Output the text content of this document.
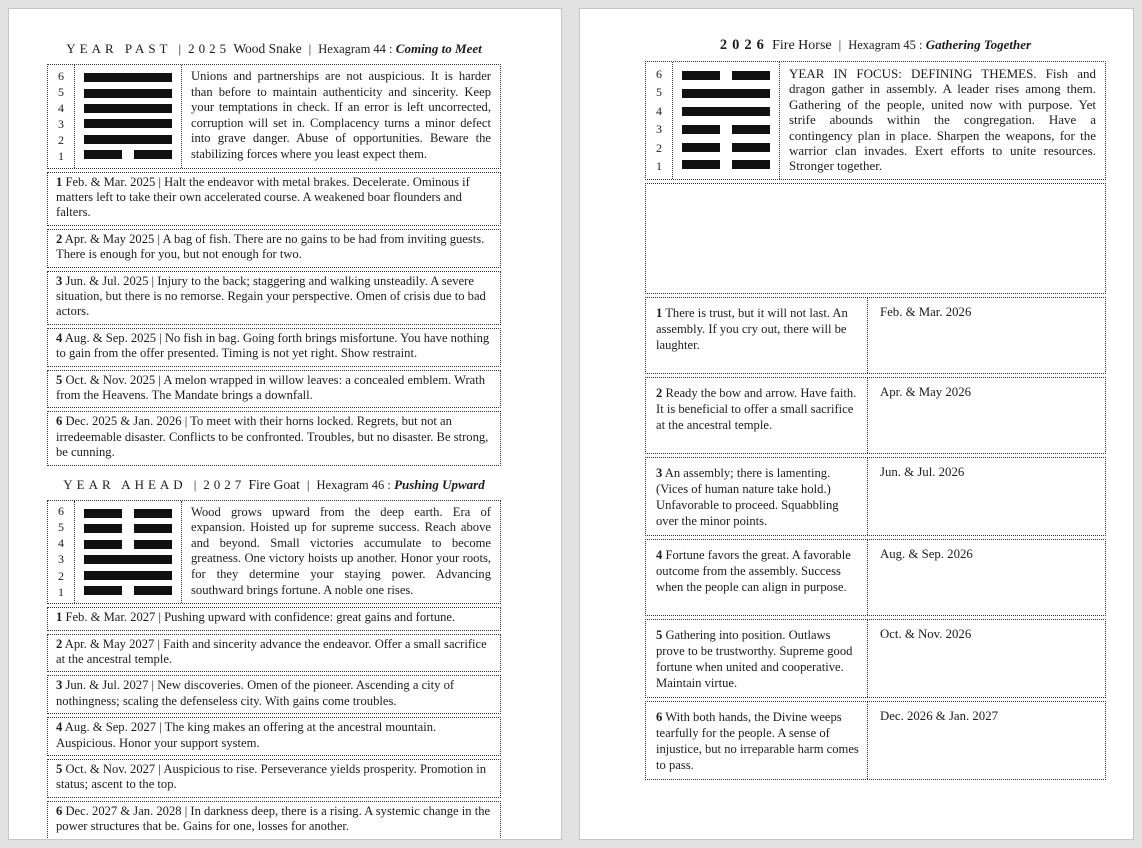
YEAR PAST | 2025 Wood Snake | Hexagram 44 : Coming to Meet
6
5
4
3
2
1
Unions and partnerships are not auspicious. It is harder than before to maintain authenticity and sincerity. Keep your temptations in check. If an error is left uncorrected, corruption will set in. Complacency turns a minor defect into grave danger. Abuse of opportunities. Beware the stabilizing forces where you least expect them.
1 Feb. & Mar. 2025 | Halt the endeavor with metal brakes. Decelerate. Ominous if matters left to take their own accelerated course. A weakened boar flounders and falters.
2 Apr. & May 2025 | A bag of fish. There are no gains to be had from inviting guests. There is enough for you, but not enough for two.
3 Jun. & Jul. 2025 | Injury to the back; staggering and walking unsteadily. A severe situation, but there is no remorse. Regain your perspective. Omen of crisis due to bad actors.
4 Aug. & Sep. 2025 | No fish in bag. Going forth brings misfortune. You have nothing to gain from the offer presented. Timing is not yet right. Show restraint.
5 Oct. & Nov. 2025 | A melon wrapped in willow leaves: a concealed emblem. Wrath from the Heavens. The Mandate brings a downfall.
6 Dec. 2025 & Jan. 2026 | To meet with their horns locked. Regrets, but not an irredeemable disaster. Conflicts to be confronted. Troubles, but no disaster. Be strong, be cunning.
YEAR AHEAD | 2027 Fire Goat | Hexagram 46 : Pushing Upward
6
5
4
3
2
1
Wood grows upward from the deep earth. Era of expansion. Hoisted up for supreme success. Reach above and beyond. Small victories accumulate to become greatness. One victory hoists up another. Honor your roots, for they determine your staying power. Advancing southward brings fortune. A noble one rises.
1 Feb. & Mar. 2027 | Pushing upward with confidence: great gains and fortune.
2 Apr. & May 2027 | Faith and sincerity advance the endeavor. Offer a small sacrifice at the ancestral temple.
3 Jun. & Jul. 2027 | New discoveries. Omen of the pioneer. Ascending a city of nothingness; scaling the defenseless city. With gains come troubles.
4 Aug. & Sep. 2027 | The king makes an offering at the ancestral mountain. Auspicious. Honor your support system.
5 Oct. & Nov. 2027 | Auspicious to rise. Perseverance yields prosperity. Promotion in status; ascent to the top.
6 Dec. 2027 & Jan. 2028 | In darkness deep, there is a rising. A systemic change in the power structures that be. Gains for one, losses for another.
2026 Fire Horse | Hexagram 45 : Gathering Together
6
5
4
3
2
1
YEAR IN FOCUS: DEFINING THEMES. Fish and dragon gather in assembly. A leader rises among them. Gathering of the people, united now with purpose. Yet strife abounds within the congregation. Have a contingency plan in place. Sharpen the weapons, for the warrior clan invades. Exert efforts to unite resources. Stronger together.
1 There is trust, but it will not last. An assembly. If you cry out, there will be laughter.
Feb. & Mar. 2026
2 Ready the bow and arrow. Have faith. It is beneficial to offer a small sacrifice at the ancestral temple.
Apr. & May 2026
3 An assembly; there is lamenting. (Vices of human nature take hold.) Unfavorable to proceed. Squabbling over the minor points.
Jun. & Jul. 2026
4 Fortune favors the great. A favorable outcome from the assembly. Success when the people can align in purpose.
Aug. & Sep. 2026
5 Gathering into position. Outlaws prove to be trustworthy. Supreme good fortune when united and cooperative. Maintain virtue.
Oct. & Nov. 2026
6 With both hands, the Divine weeps tearfully for the people. A sense of injustice, but no irreparable harm comes to pass.
Dec. 2026 & Jan. 2027
